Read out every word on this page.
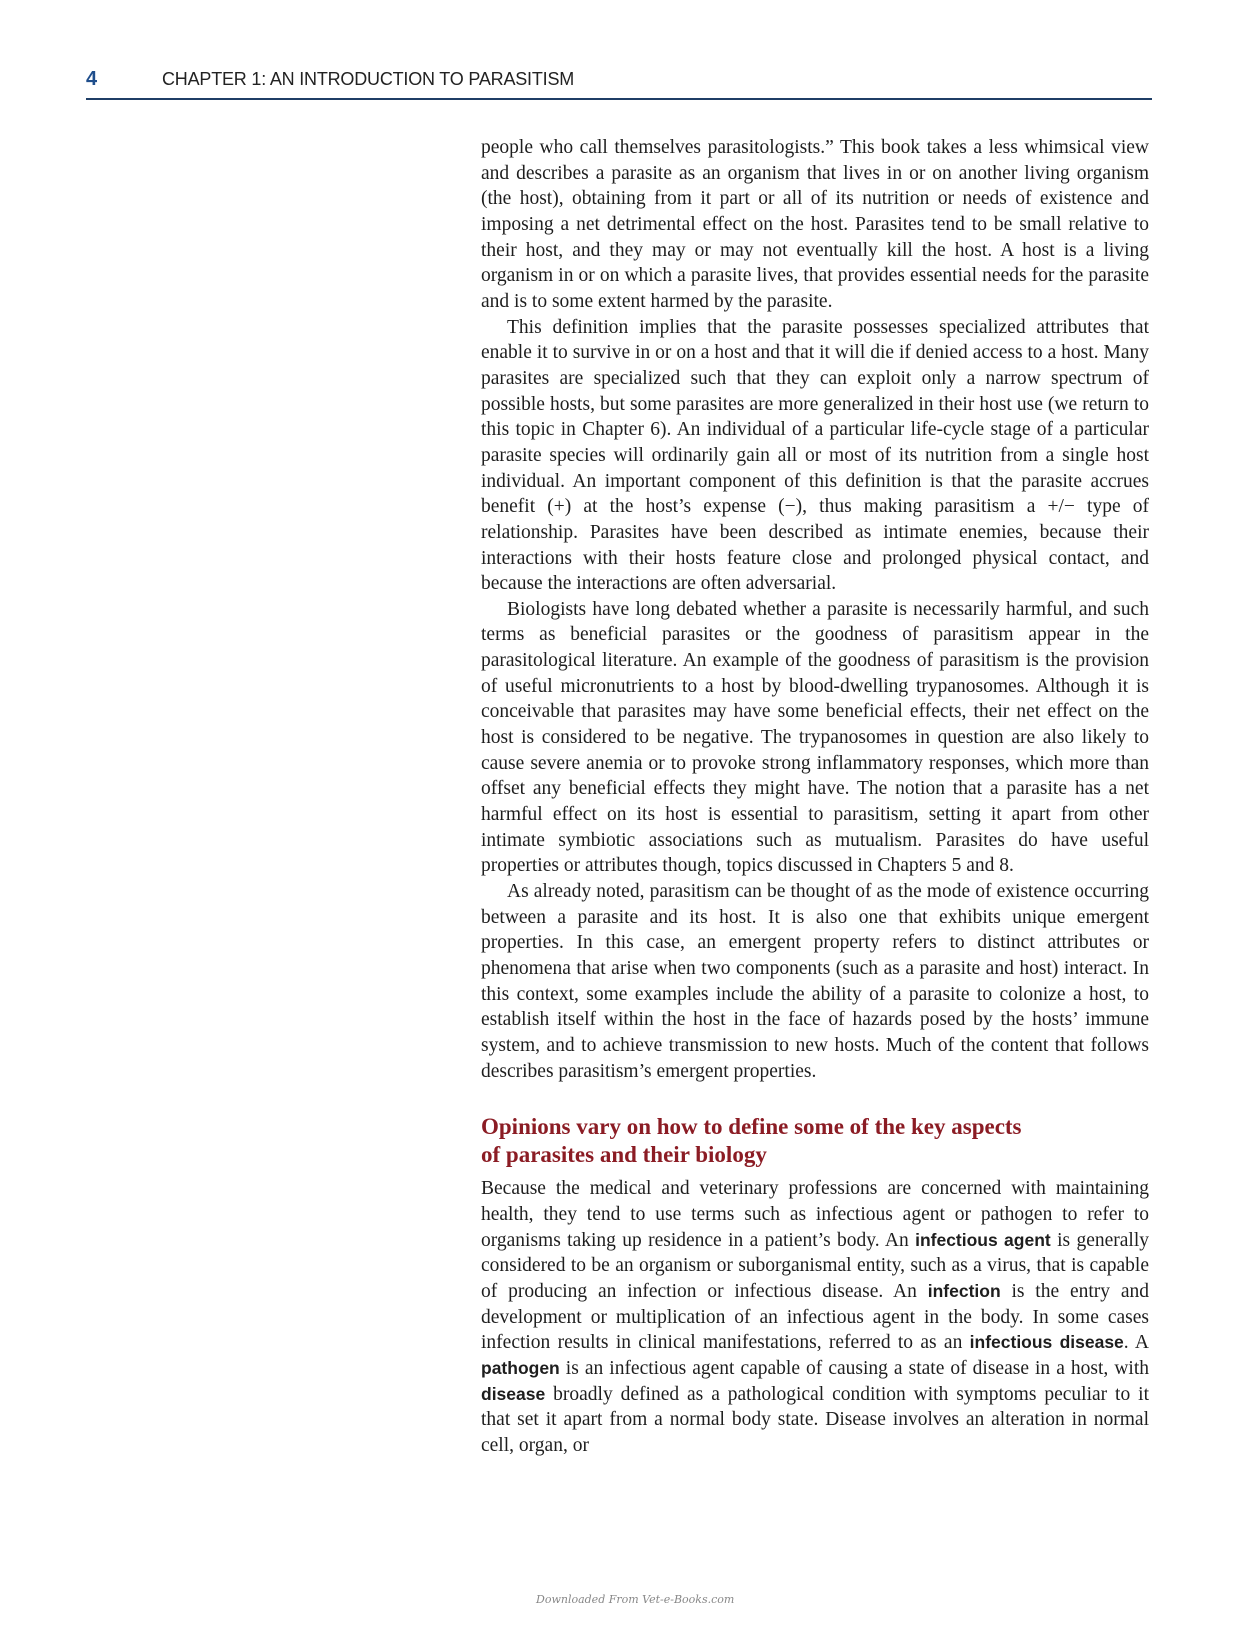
4	CHAPTER 1: AN INTRODUCTION TO PARASITISM

people who call themselves parasitologists.” This book takes a less whimsical view and describes a parasite as an organism that lives in or on another living organism (the host), obtaining from it part or all of its nutrition or needs of existence and imposing a net detrimental effect on the host. Parasites tend to be small relative to their host, and they may or may not eventually kill the host. A host is a living organism in or on which a parasite lives, that provides essential needs for the parasite and is to some extent harmed by the parasite.

This definition implies that the parasite possesses specialized attributes that enable it to survive in or on a host and that it will die if denied access to a host. Many parasites are specialized such that they can exploit only a narrow spectrum of possible hosts, but some parasites are more generalized in their host use (we return to this topic in Chapter 6). An individual of a particular life-cycle stage of a particular parasite species will ordinarily gain all or most of its nutrition from a single host individual. An important component of this definition is that the parasite accrues benefit (+) at the host’s expense (−), thus making parasitism a +/− type of relationship. Parasites have been described as intimate enemies, because their interactions with their hosts feature close and prolonged physical contact, and because the interactions are often adversarial.

Biologists have long debated whether a parasite is necessarily harmful, and such terms as beneficial parasites or the goodness of parasitism appear in the parasitological literature. An example of the goodness of parasitism is the provision of useful micronutrients to a host by blood-dwelling trypanosomes. Although it is conceivable that parasites may have some beneficial effects, their net effect on the host is considered to be negative. The trypanosomes in question are also likely to cause severe anemia or to provoke strong inflammatory responses, which more than offset any beneficial effects they might have. The notion that a parasite has a net harmful effect on its host is essential to parasitism, setting it apart from other intimate symbiotic associations such as mutualism. Parasites do have useful properties or attributes though, topics discussed in Chapters 5 and 8.

As already noted, parasitism can be thought of as the mode of existence occurring between a parasite and its host. It is also one that exhibits unique emergent properties. In this case, an emergent property refers to distinct attributes or phenomena that arise when two components (such as a parasite and host) interact. In this context, some examples include the ability of a parasite to colonize a host, to establish itself within the host in the face of hazards posed by the hosts’ immune system, and to achieve transmission to new hosts. Much of the content that follows describes parasitism’s emergent properties.

Opinions vary on how to define some of the key aspects
of parasites and their biology

Because the medical and veterinary professions are concerned with maintaining health, they tend to use terms such as infectious agent or pathogen to refer to organisms taking up residence in a patient’s body. An infectious agent is generally considered to be an organism or suborganismal entity, such as a virus, that is capable of producing an infection or infectious disease. An infection is the entry and development or multiplication of an infectious agent in the body. In some cases infection results in clinical manifestations, referred to as an infectious disease. A pathogen is an infectious agent capable of causing a state of disease in a host, with disease broadly defined as a pathological condition with symptoms peculiar to it that set it apart from a normal body state. Disease involves an alteration in normal cell, organ, or

Downloaded From Vet-e-Books.com
